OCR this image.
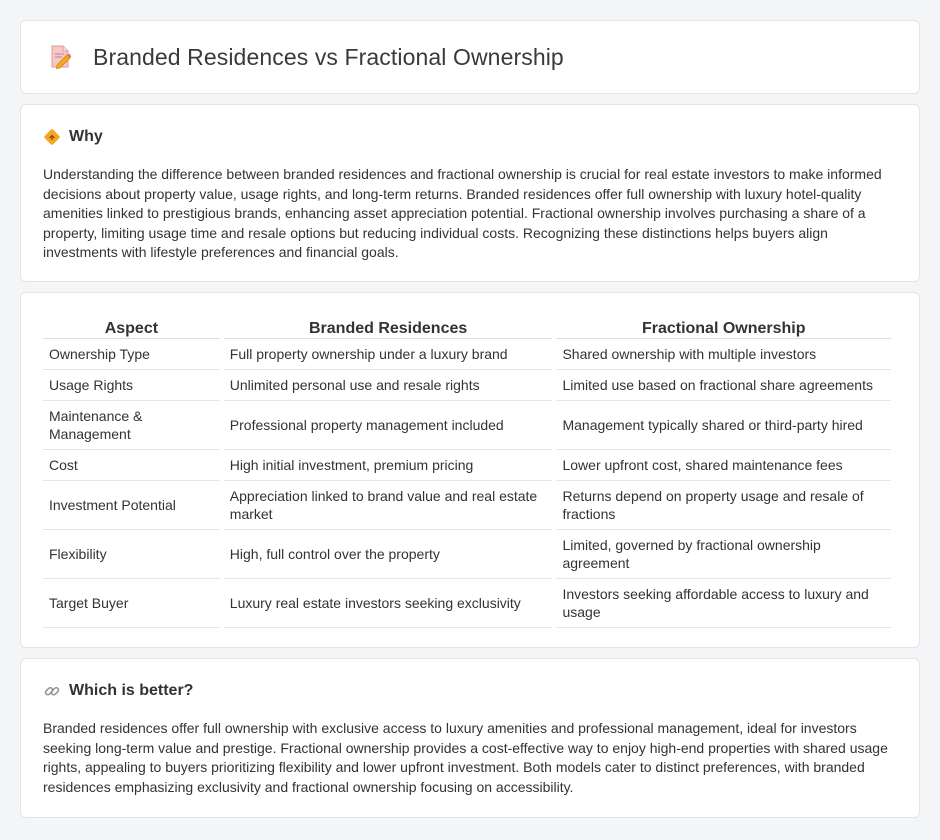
Branded Residences vs Fractional Ownership
Why

Understanding the difference between branded residences and fractional ownership is crucial for real estate investors to make informed decisions about property value, usage rights, and long-term returns. Branded residences offer full ownership with luxury hotel-quality amenities linked to prestigious brands, enhancing asset appreciation potential. Fractional ownership involves purchasing a share of a property, limiting usage time and resale options but reducing individual costs. Recognizing these distinctions helps buyers align investments with lifestyle preferences and financial goals.

Aspect	Branded Residences	Fractional Ownership
Ownership Type	Full property ownership under a luxury brand	Shared ownership with multiple investors
Usage Rights	Unlimited personal use and resale rights	Limited use based on fractional share agreements
Maintenance & Management	Professional property management included	Management typically shared or third-party hired
Cost	High initial investment, premium pricing	Lower upfront cost, shared maintenance fees
Investment Potential	Appreciation linked to brand value and real estate market	Returns depend on property usage and resale of fractions
Flexibility	High, full control over the property	Limited, governed by fractional ownership agreement
Target Buyer	Luxury real estate investors seeking exclusivity	Investors seeking affordable access to luxury and usage
Which is better?

Branded residences offer full ownership with exclusive access to luxury amenities and professional management, ideal for investors seeking long-term value and prestige. Fractional ownership provides a cost-effective way to enjoy high-end properties with shared usage rights, appealing to buyers prioritizing flexibility and lower upfront investment. Both models cater to distinct preferences, with branded residences emphasizing exclusivity and fractional ownership focusing on accessibility.
